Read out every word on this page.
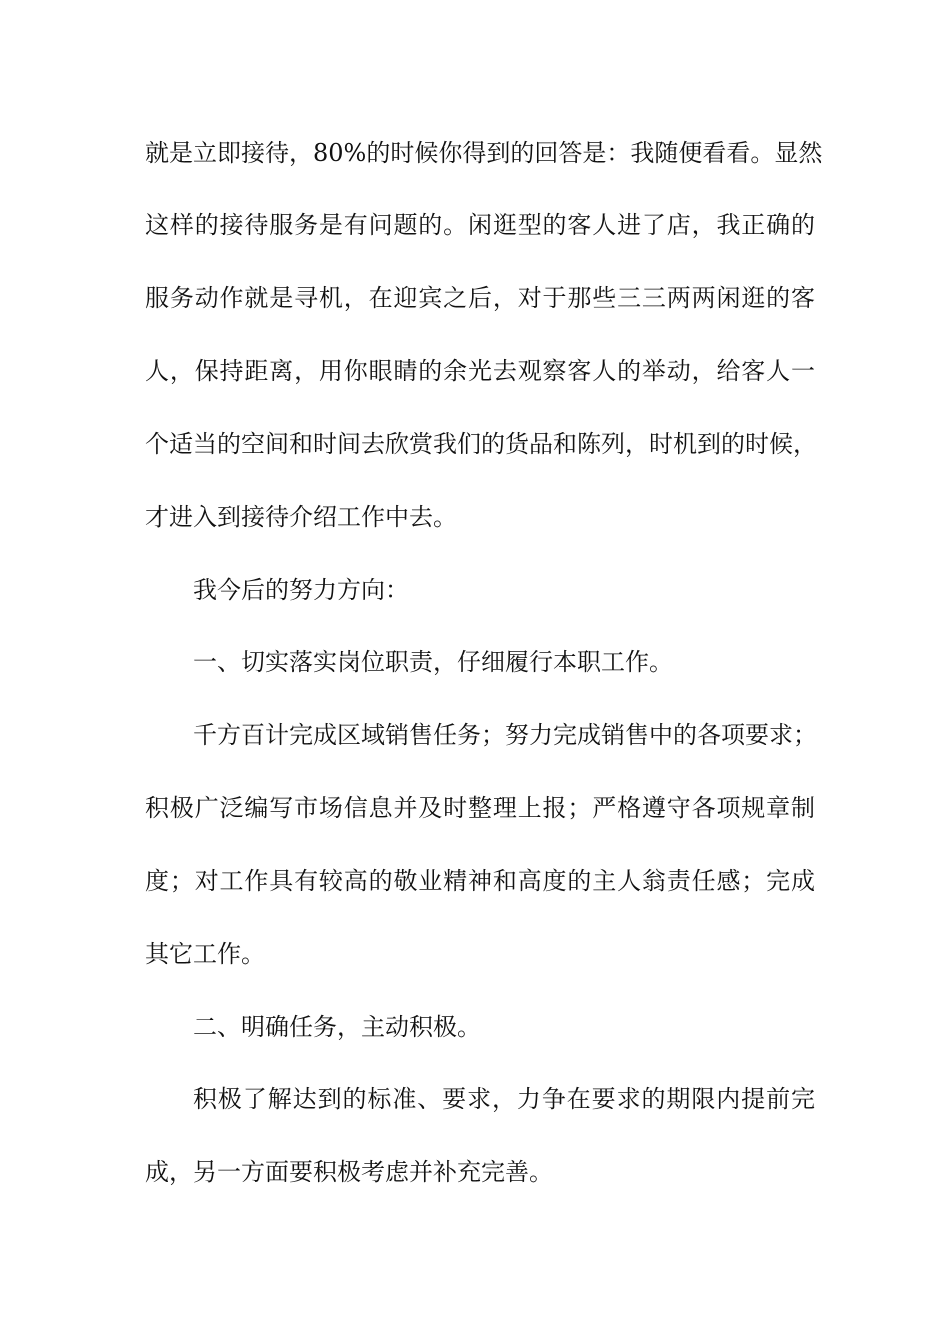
就是立即接待，80%的时候你得到的回答是：我随便看看。显然
这样的接待服务是有问题的。闲逛型的客人进了店，我正确的
服务动作就是寻机，在迎宾之后，对于那些三三两两闲逛的客
人，保持距离，用你眼睛的余光去观察客人的举动，给客人一
个适当的空间和时间去欣赏我们的货品和陈列，时机到的时候，
才进入到接待介绍工作中去。
我今后的努力方向：
一、切实落实岗位职责，仔细履行本职工作。
千方百计完成区域销售任务；努力完成销售中的各项要求；
积极广泛编写市场信息并及时整理上报；严格遵守各项规章制
度；对工作具有较高的敬业精神和高度的主人翁责任感；完成
其它工作。
二、明确任务，主动积极。
积极了解达到的标准、要求，力争在要求的期限内提前完
成，另一方面要积极考虑并补充完善。
